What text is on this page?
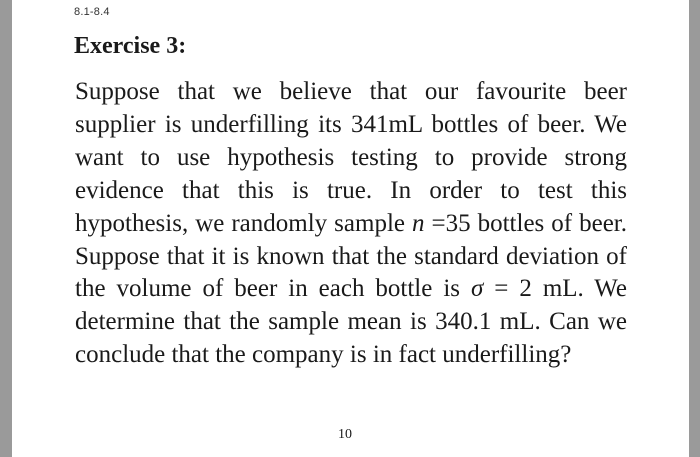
8.1-8.4
Exercise 3:

Suppose that we believe that our favourite beer supplier is underfilling its 341mL bottles of beer. We want to use hypothesis testing to provide strong evidence that this is true. In order to test this hypothesis, we randomly sample n =35 bottles of beer. Suppose that it is known that the standard deviation of the volume of beer in each bottle is σ = 2 mL. We determine that the sample mean is 340.1 mL. Can we conclude that the company is in fact underfilling?

10
